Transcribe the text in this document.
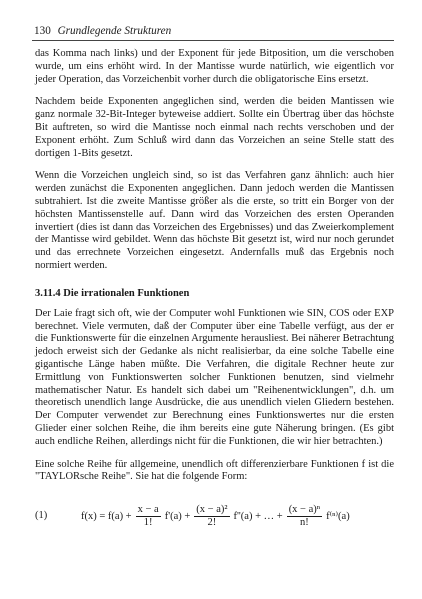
130 Grundlegende Strukturen

das Komma nach links) und der Exponent für jede Bitposition, um die verschoben wurde, um eins erhöht wird. In der Mantisse wurde natürlich, wie eigentlich vor jeder Operation, das Vorzeichenbit vorher durch die obligatorische Eins ersetzt.

Nachdem beide Exponenten angeglichen sind, werden die beiden Mantissen wie ganz normale 32-Bit-Integer byteweise addiert. Sollte ein Übertrag über das höchste Bit auftreten, so wird die Mantisse noch einmal nach rechts verschoben und der Exponent erhöht. Zum Schluß wird dann das Vorzeichen an seine Stelle statt des dortigen 1-Bits gesetzt.

Wenn die Vorzeichen ungleich sind, so ist das Verfahren ganz ähnlich: auch hier werden zunächst die Exponenten angeglichen. Dann jedoch werden die Mantissen subtrahiert. Ist die zweite Mantisse größer als die erste, so tritt ein Borger von der höchsten Mantissenstelle auf. Dann wird das Vorzeichen des ersten Operanden invertiert (dies ist dann das Vorzeichen des Ergebnisses) und das Zweierkomplement der Mantisse wird gebildet. Wenn das höchste Bit gesetzt ist, wird nur noch gerundet und das errechnete Vorzeichen eingesetzt. Andernfalls muß das Ergebnis noch normiert werden.

3.11.4 Die irrationalen Funktionen

Der Laie fragt sich oft, wie der Computer wohl Funktionen wie SIN, COS oder EXP berechnet. Viele vermuten, daß der Computer über eine Tabelle verfügt, aus der er die Funktionswerte für die einzelnen Argumente herausliest. Bei näherer Betrachtung jedoch erweist sich der Gedanke als nicht realisierbar, da eine solche Tabelle eine gigantische Länge haben müßte. Die Verfahren, die digitale Rechner heute zur Ermittlung von Funktionswerten solcher Funktionen benutzen, sind vielmehr mathematischer Natur. Es handelt sich dabei um "Reihenentwicklungen", d.h. um theoretisch unendlich lange Ausdrücke, die aus unendlich vielen Gliedern bestehen. Der Computer verwendet zur Berechnung eines Funktionswertes nur die ersten Glieder einer solchen Reihe, die ihm bereits eine gute Näherung bringen. (Es gibt auch endliche Reihen, allerdings nicht für die Funktionen, die wir hier betrachten.)

Eine solche Reihe für allgemeine, unendlich oft differenzierbare Funktionen f ist die "TAYLORsche Reihe". Sie hat die folgende Form:

(1)	$f(x) = f(a) + \frac{x - a}{1!} f'(a) + \frac{\text{(x − a)²}}{2!} f''(a)$ + … + $\frac{\text{(x − a)ⁿ}}{n!} f^{(n)}(a)$
